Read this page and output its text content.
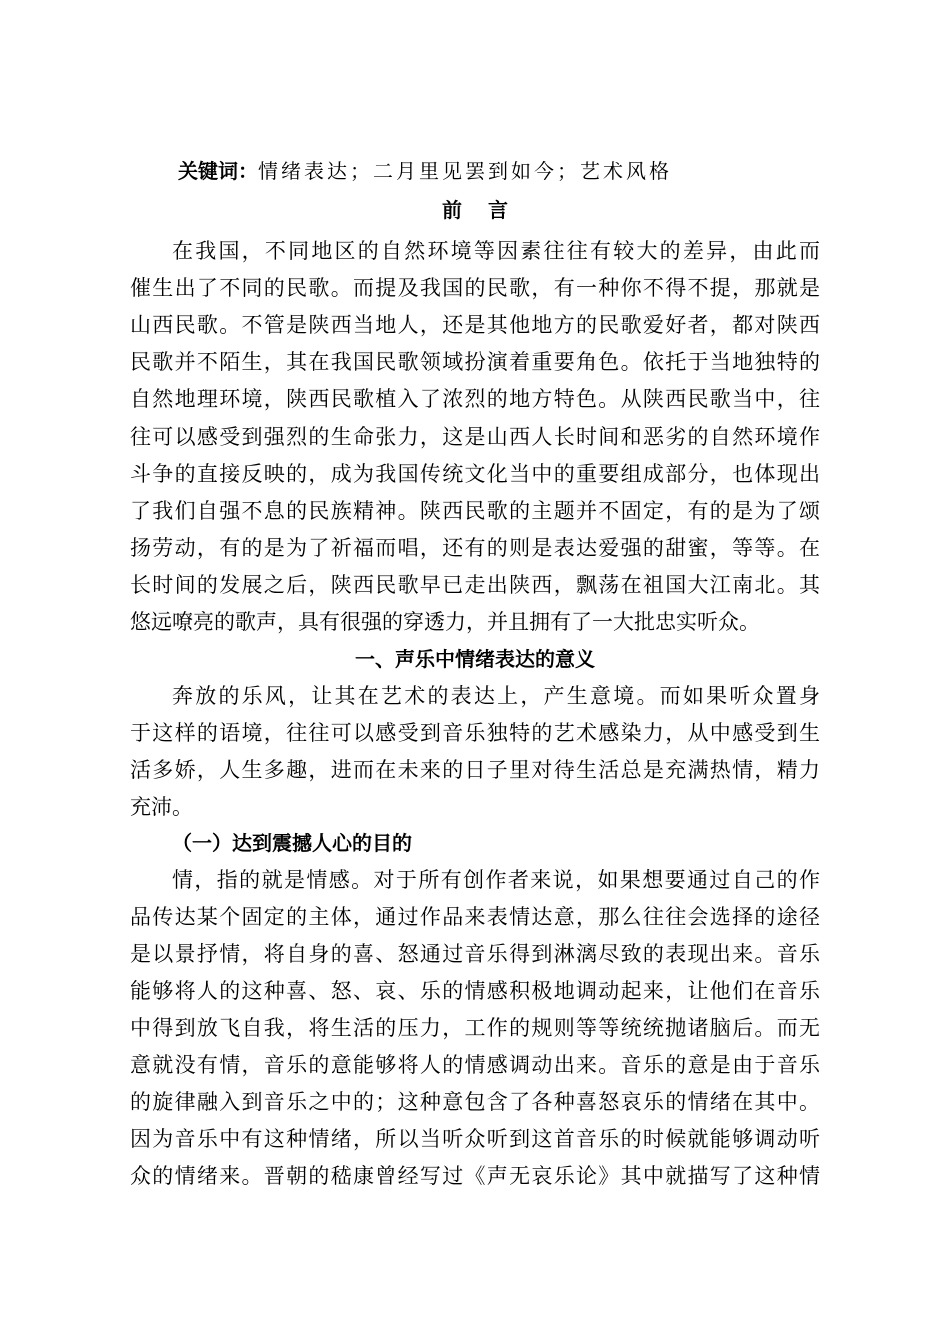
关键词：情绪表达；二月里见罢到如今；艺术风格
前言
在我国，不同地区的自然环境等因素往往有较大的差异，由此而
催生出了不同的民歌。而提及我国的民歌，有一种你不得不提，那就是
山西民歌。不管是陕西当地人，还是其他地方的民歌爱好者，都对陕西
民歌并不陌生，其在我国民歌领域扮演着重要角色。依托于当地独特的
自然地理环境，陕西民歌植入了浓烈的地方特色。从陕西民歌当中，往
往可以感受到强烈的生命张力，这是山西人长时间和恶劣的自然环境作
斗争的直接反映的，成为我国传统文化当中的重要组成部分，也体现出
了我们自强不息的民族精神。陕西民歌的主题并不固定，有的是为了颂
扬劳动，有的是为了祈福而唱，还有的则是表达爱强的甜蜜，等等。在
长时间的发展之后，陕西民歌早已走出陕西，飘荡在祖国大江南北。其
悠远嘹亮的歌声，具有很强的穿透力，并且拥有了一大批忠实听众。
一、声乐中情绪表达的意义
奔放的乐风，让其在艺术的表达上，产生意境。而如果听众置身
于这样的语境，往往可以感受到音乐独特的艺术感染力，从中感受到生
活多娇，人生多趣，进而在未来的日子里对待生活总是充满热情，精力
充沛。
（一）达到震撼人心的目的
情，指的就是情感。对于所有创作者来说，如果想要通过自己的作
品传达某个固定的主体，通过作品来表情达意，那么往往会选择的途径
是以景抒情，将自身的喜、怒通过音乐得到淋漓尽致的表现出来。音乐
能够将人的这种喜、怒、哀、乐的情感积极地调动起来，让他们在音乐
中得到放飞自我，将生活的压力，工作的规则等等统统抛诸脑后。而无
意就没有情，音乐的意能够将人的情感调动出来。音乐的意是由于音乐
的旋律融入到音乐之中的；这种意包含了各种喜怒哀乐的情绪在其中。
因为音乐中有这种情绪，所以当听众听到这首音乐的时候就能够调动听
众的情绪来。晋朝的嵇康曾经写过《声无哀乐论》其中就描写了这种情
